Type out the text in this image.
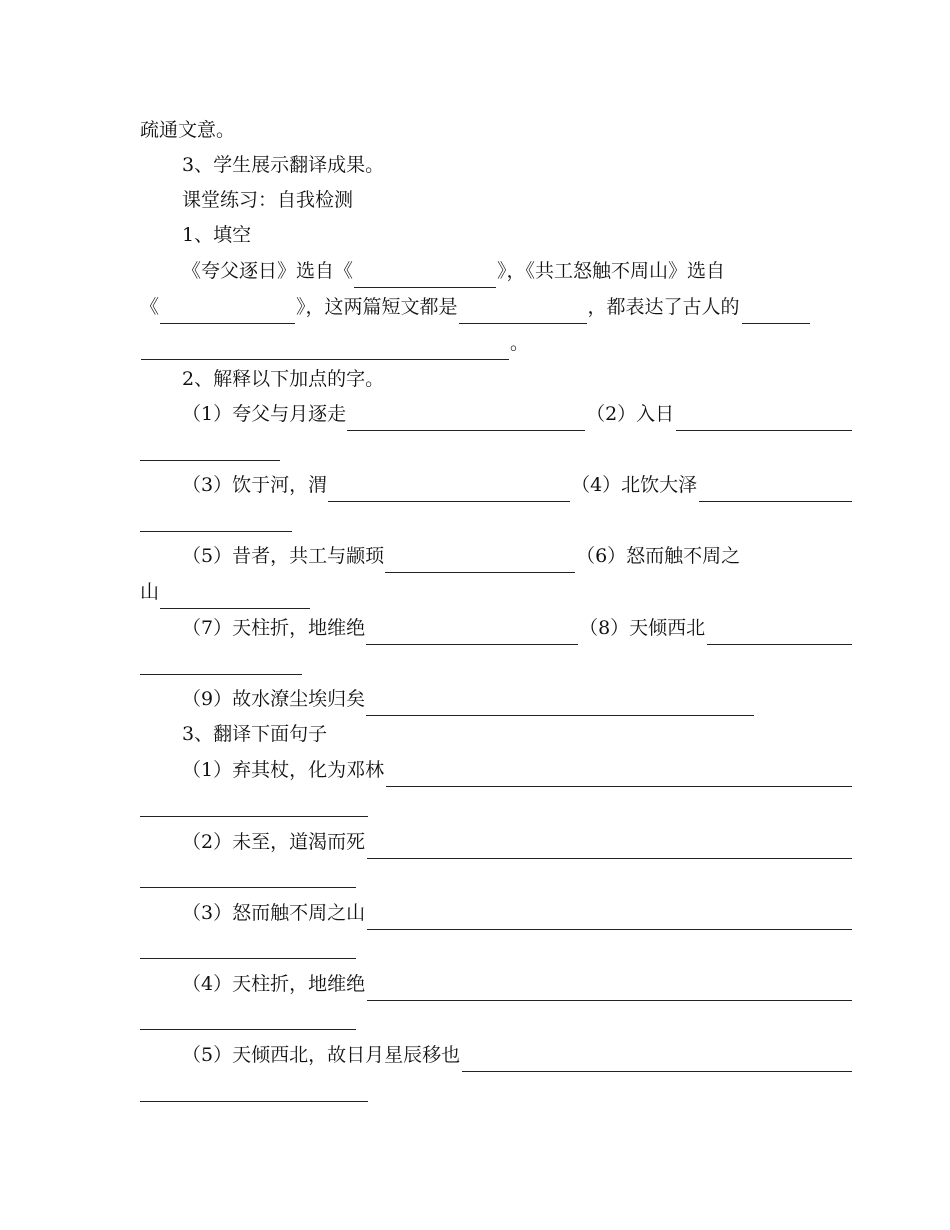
疏通文意。
3、学生展示翻译成果。
课堂练习：自我检测
1、填空
《夸父逐日》选自《	》，《共工怒触不周山》选自
《	》，这两篇短文都是	，都表达了古人的
。
2、解释以下加点的字。
（1）夸父与月逐走	（2）入日
（3）饮于河，渭	（4）北饮大泽
（5）昔者，共工与颛顼	（6）怒而触不周之
山
（7）天柱折，地维绝	（8）天倾西北
（9）故水潦尘埃归矣
3、翻译下面句子
（1）弃其杖，化为邓林
（2）未至，道渴而死
（3）怒而触不周之山
（4）天柱折，地维绝
（5）天倾西北，故日月星辰移也
